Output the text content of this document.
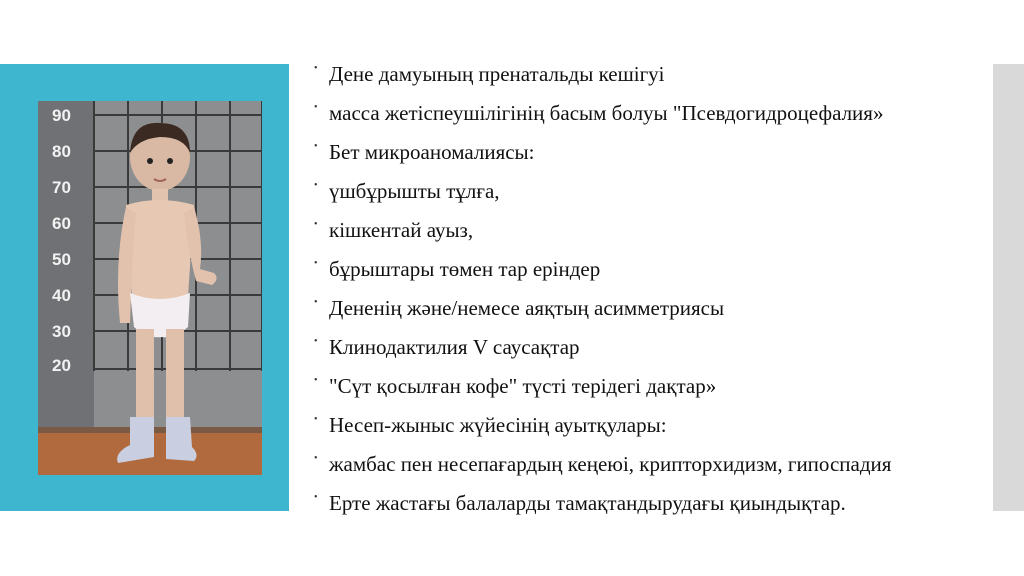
90
80
70
60
50
40
30
20
• Дене дамуының пренатальды кешігуі
• масса жетіспеушілігінің басым болуы "Псевдогидроцефалия»
• Бет микроаномалиясы:
• үшбұрышты тұлға,
• кішкентай ауыз,
• бұрыштары төмен тар еріндер
• Дененің және/немесе аяқтың асимметриясы
• Клинодактилия V саусақтар
• "Сүт қосылған кофе" түсті терідегі дақтар»
• Несеп-жыныс жүйесінің ауытқулары:
• жамбас пен несепағардың кеңеюі, крипторхидизм, гипоспадия
• Ерте жастағы балаларды тамақтандырудағы қиындықтар.
